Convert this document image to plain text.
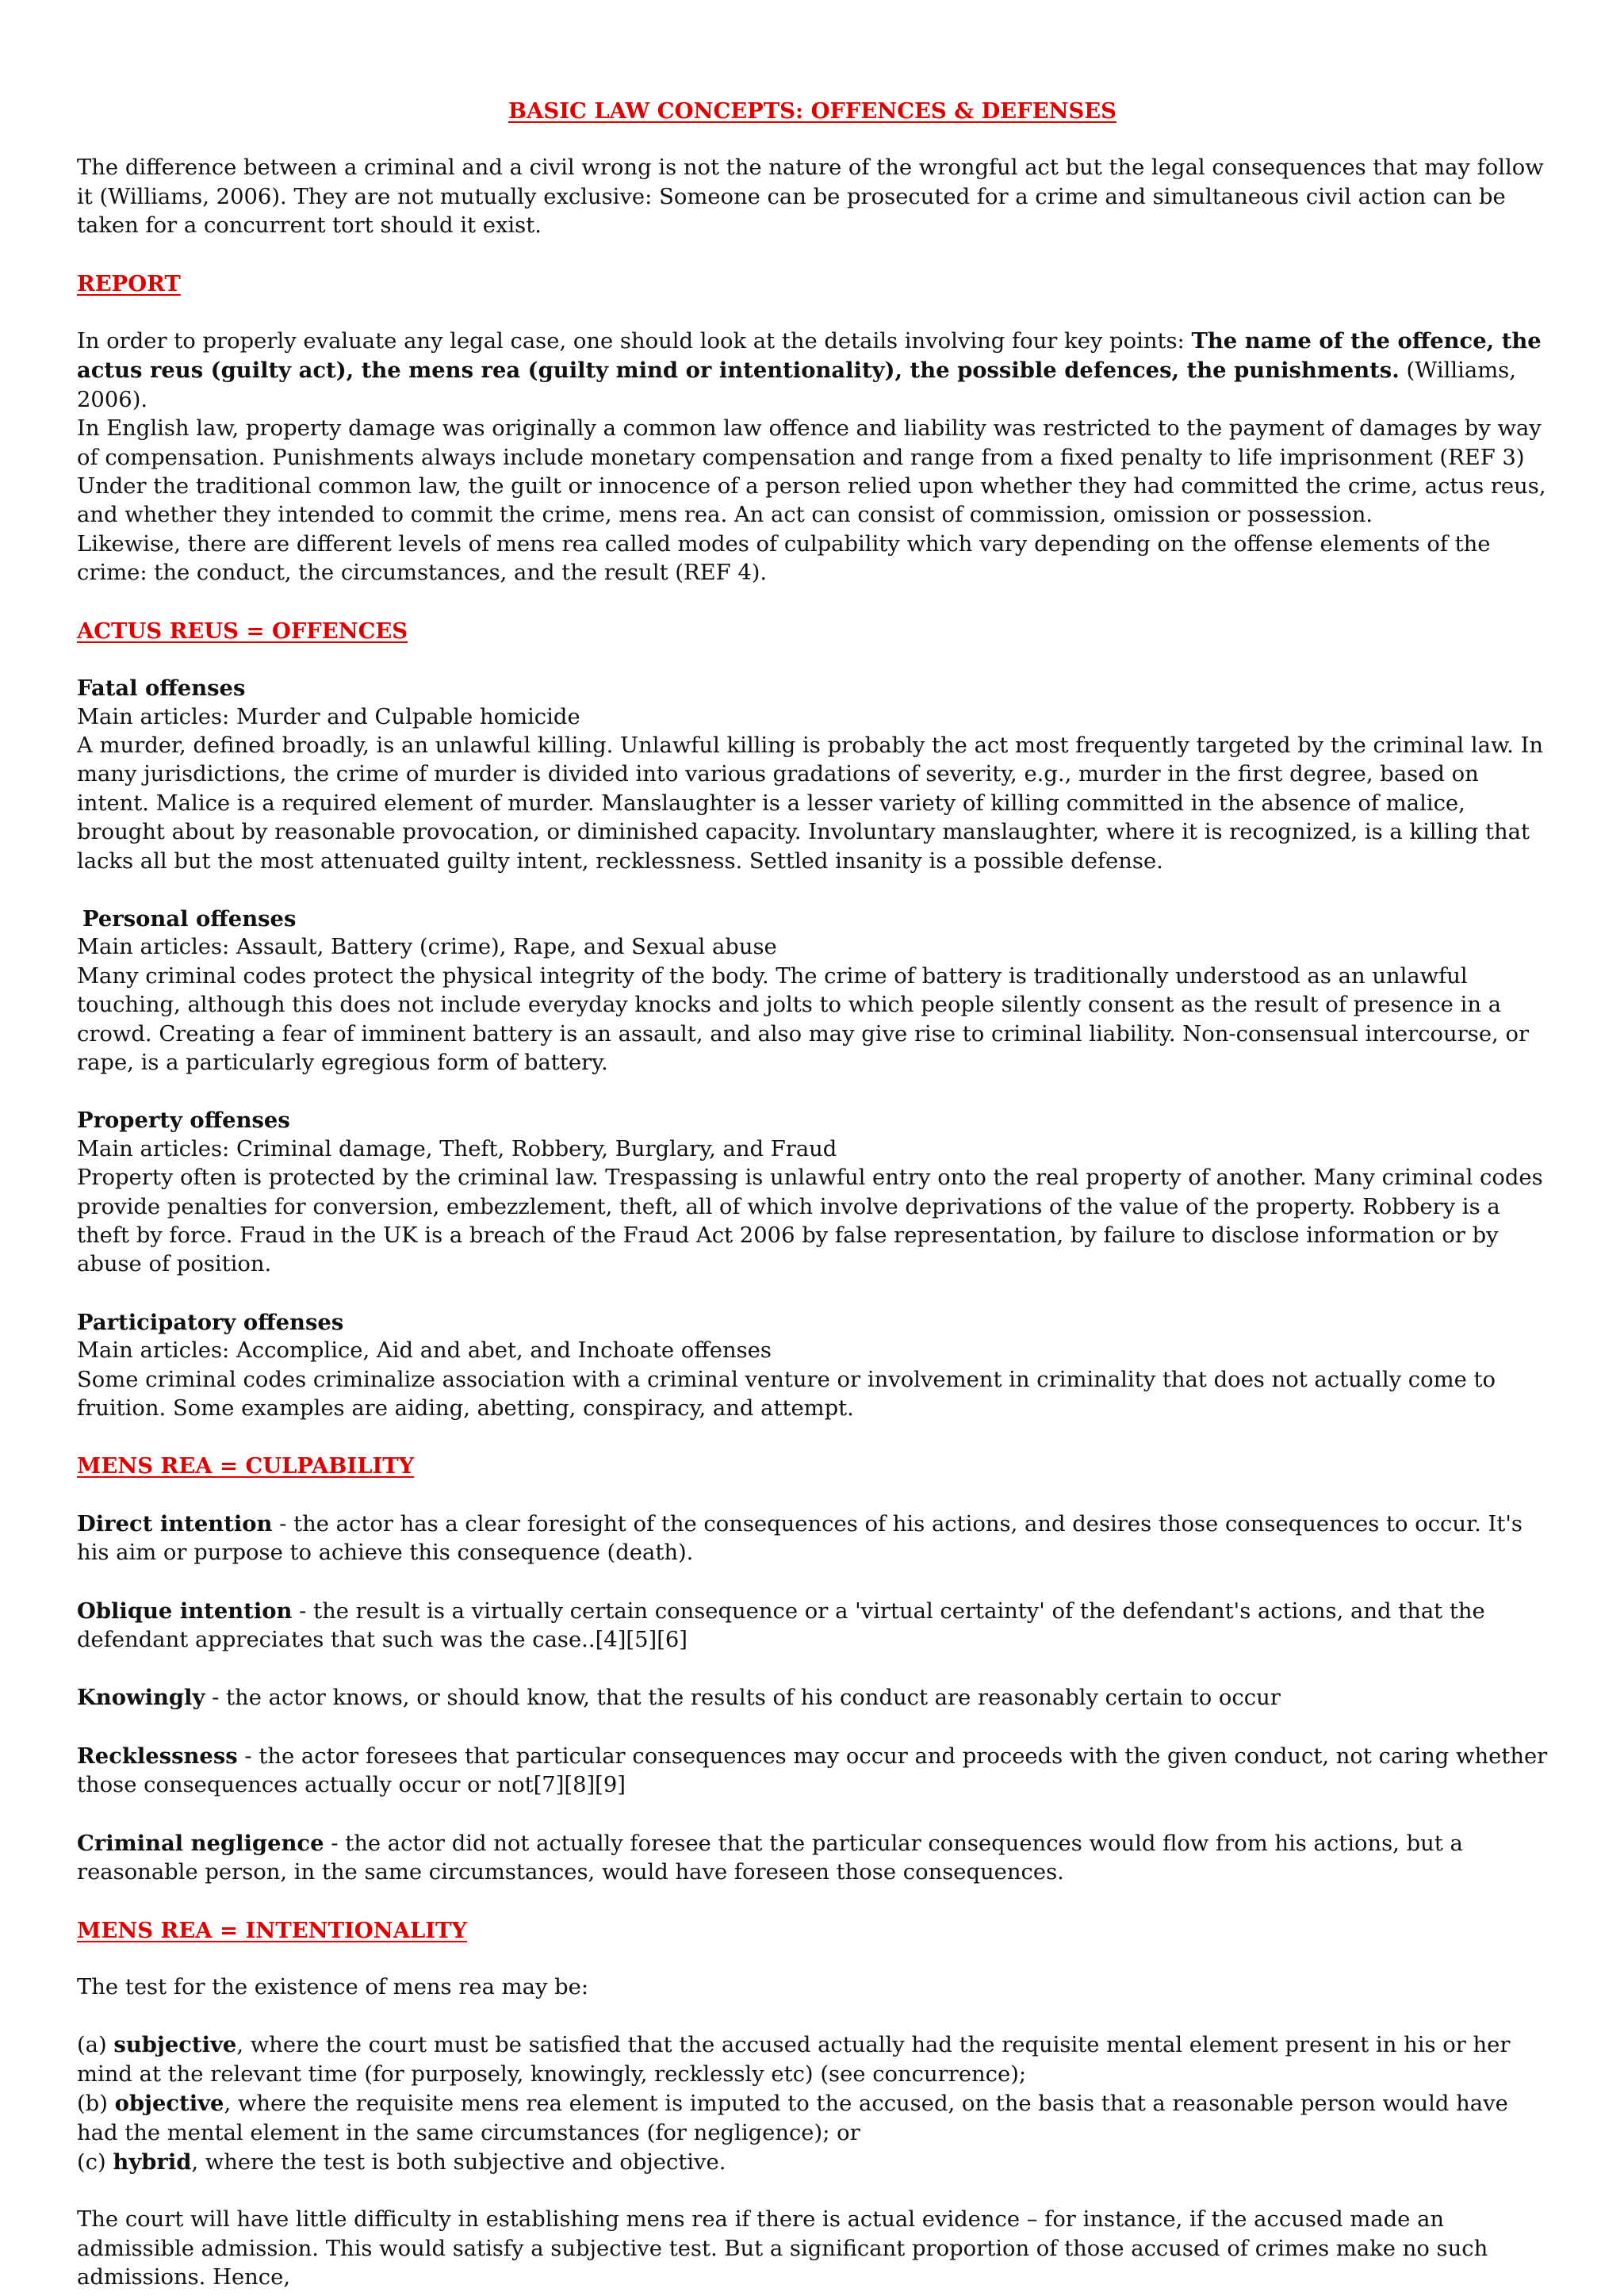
BASIC LAW CONCEPTS: OFFENCES & DEFENSES

The difference between a criminal and a civil wrong is not the nature of the wrongful act but the legal consequences that may follow it (Williams, 2006). They are not mutually exclusive: Someone can be prosecuted for a crime and simultaneous civil action can be taken for a concurrent tort should it exist.

REPORT

In order to properly evaluate any legal case, one should look at the details involving four key points: The name of the offence, the actus reus (guilty act), the mens rea (guilty mind or intentionality), the possible defences, the punishments. (Williams, 2006).

In English law, property damage was originally a common law offence and liability was restricted to the payment of damages by way of compensation. Punishments always include monetary compensation and range from a fixed penalty to life imprisonment (REF 3)

Under the traditional common law, the guilt or innocence of a person relied upon whether they had committed the crime, actus reus, and whether they intended to commit the crime, mens rea. An act can consist of commission, omission or possession.

Likewise, there are different levels of mens rea called modes of culpability which vary depending on the offense elements of the crime: the conduct, the circumstances, and the result (REF 4).

ACTUS REUS = OFFENCES

Fatal offenses

Main articles: Murder and Culpable homicide

A murder, defined broadly, is an unlawful killing. Unlawful killing is probably the act most frequently targeted by the criminal law. In many jurisdictions, the crime of murder is divided into various gradations of severity, e.g., murder in the first degree, based on intent. Malice is a required element of murder. Manslaughter is a lesser variety of killing committed in the absence of malice, brought about by reasonable provocation, or diminished capacity. Involuntary manslaughter, where it is recognized, is a killing that lacks all but the most attenuated guilty intent, recklessness. Settled insanity is a possible defense.

Personal offenses

Main articles: Assault, Battery (crime), Rape, and Sexual abuse

Many criminal codes protect the physical integrity of the body. The crime of battery is traditionally understood as an unlawful touching, although this does not include everyday knocks and jolts to which people silently consent as the result of presence in a crowd. Creating a fear of imminent battery is an assault, and also may give rise to criminal liability. Non-consensual intercourse, or rape, is a particularly egregious form of battery.

Property offenses

Main articles: Criminal damage, Theft, Robbery, Burglary, and Fraud

Property often is protected by the criminal law. Trespassing is unlawful entry onto the real property of another. Many criminal codes provide penalties for conversion, embezzlement, theft, all of which involve deprivations of the value of the property. Robbery is a theft by force. Fraud in the UK is a breach of the Fraud Act 2006 by false representation, by failure to disclose information or by abuse of position.

Participatory offenses

Main articles: Accomplice, Aid and abet, and Inchoate offenses

Some criminal codes criminalize association with a criminal venture or involvement in criminality that does not actually come to fruition. Some examples are aiding, abetting, conspiracy, and attempt.

MENS REA = CULPABILITY

Direct intention - the actor has a clear foresight of the consequences of his actions, and desires those consequences to occur. It's his aim or purpose to achieve this consequence (death).

Oblique intention - the result is a virtually certain consequence or a 'virtual certainty' of the defendant's actions, and that the defendant appreciates that such was the case..[4][5][6]

Knowingly - the actor knows, or should know, that the results of his conduct are reasonably certain to occur

Recklessness - the actor foresees that particular consequences may occur and proceeds with the given conduct, not caring whether those consequences actually occur or not[7][8][9]

Criminal negligence - the actor did not actually foresee that the particular consequences would flow from his actions, but a reasonable person, in the same circumstances, would have foreseen those consequences.

MENS REA = INTENTIONALITY

The test for the existence of mens rea may be:

(a) subjective, where the court must be satisfied that the accused actually had the requisite mental element present in his or her mind at the relevant time (for purposely, knowingly, recklessly etc) (see concurrence);

(b) objective, where the requisite mens rea element is imputed to the accused, on the basis that a reasonable person would have had the mental element in the same circumstances (for negligence); or

(c) hybrid, where the test is both subjective and objective.

The court will have little difficulty in establishing mens rea if there is actual evidence – for instance, if the accused made an admissible admission. This would satisfy a subjective test. But a significant proportion of those accused of crimes make no such admissions. Hence,
